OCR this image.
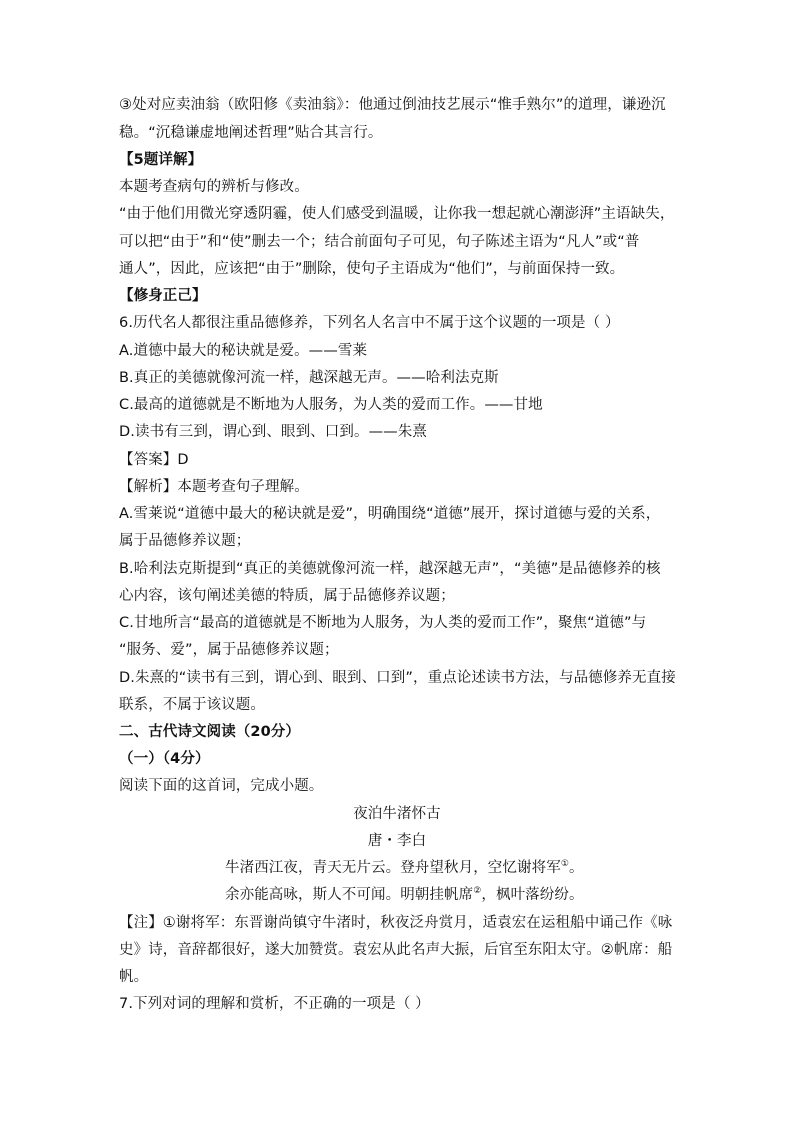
③处对应卖油翁（欧阳修《卖油翁》：他通过倒油技艺展示“惟手熟尔”的道理，谦逊沉
稳。“沉稳谦虚地阐述哲理”贴合其言行。
【5题详解】
本题考查病句的辨析与修改。
“由于他们用微光穿透阴霾，使人们感受到温暖，让你我一想起就心潮澎湃”主语缺失，
可以把“由于”和“使”删去一个；结合前面句子可见，句子陈述主语为“凡人”或“普
通人”，因此，应该把“由于”删除，使句子主语成为“他们”，与前面保持一致。
【修身正己】
6.历代名人都很注重品德修养，下列名人名言中不属于这个议题的一项是（ ）
A.道德中最大的秘诀就是爱。——雪莱
B.真正的美德就像河流一样，越深越无声。——哈利法克斯
C.最高的道德就是不断地为人服务，为人类的爱而工作。——甘地
D.读书有三到，谓心到、眼到、口到。——朱熹
【答案】D
【解析】本题考查句子理解。
A.雪莱说“道德中最大的秘诀就是爱”，明确围绕“道德”展开，探讨道德与爱的关系，
属于品德修养议题；
B.哈利法克斯提到“真正的美德就像河流一样，越深越无声”，“美德”是品德修养的核
心内容，该句阐述美德的特质，属于品德修养议题；
C.甘地所言“最高的道德就是不断地为人服务，为人类的爱而工作”，聚焦“道德”与
“服务、爱”，属于品德修养议题；
D.朱熹的“读书有三到，谓心到、眼到、口到”，重点论述读书方法，与品德修养无直接
联系，不属于该议题。
二、古代诗文阅读（20分）
（一）（4分）
阅读下面的这首词，完成小题。
夜泊牛渚怀古
唐・李白
牛渚西江夜，青天无片云。登舟望秋月，空忆谢将军①。
余亦能高咏，斯人不可闻。明朝挂帆席②，枫叶落纷纷。
【注】①谢将军：东晋谢尚镇守牛渚时，秋夜泛舟赏月，适袁宏在运租船中诵己作《咏
史》诗，音辞都很好，遂大加赞赏。袁宏从此名声大振，后官至东阳太守。②帆席：船
帆。
7.下列对词的理解和赏析，不正确的一项是（ ）
